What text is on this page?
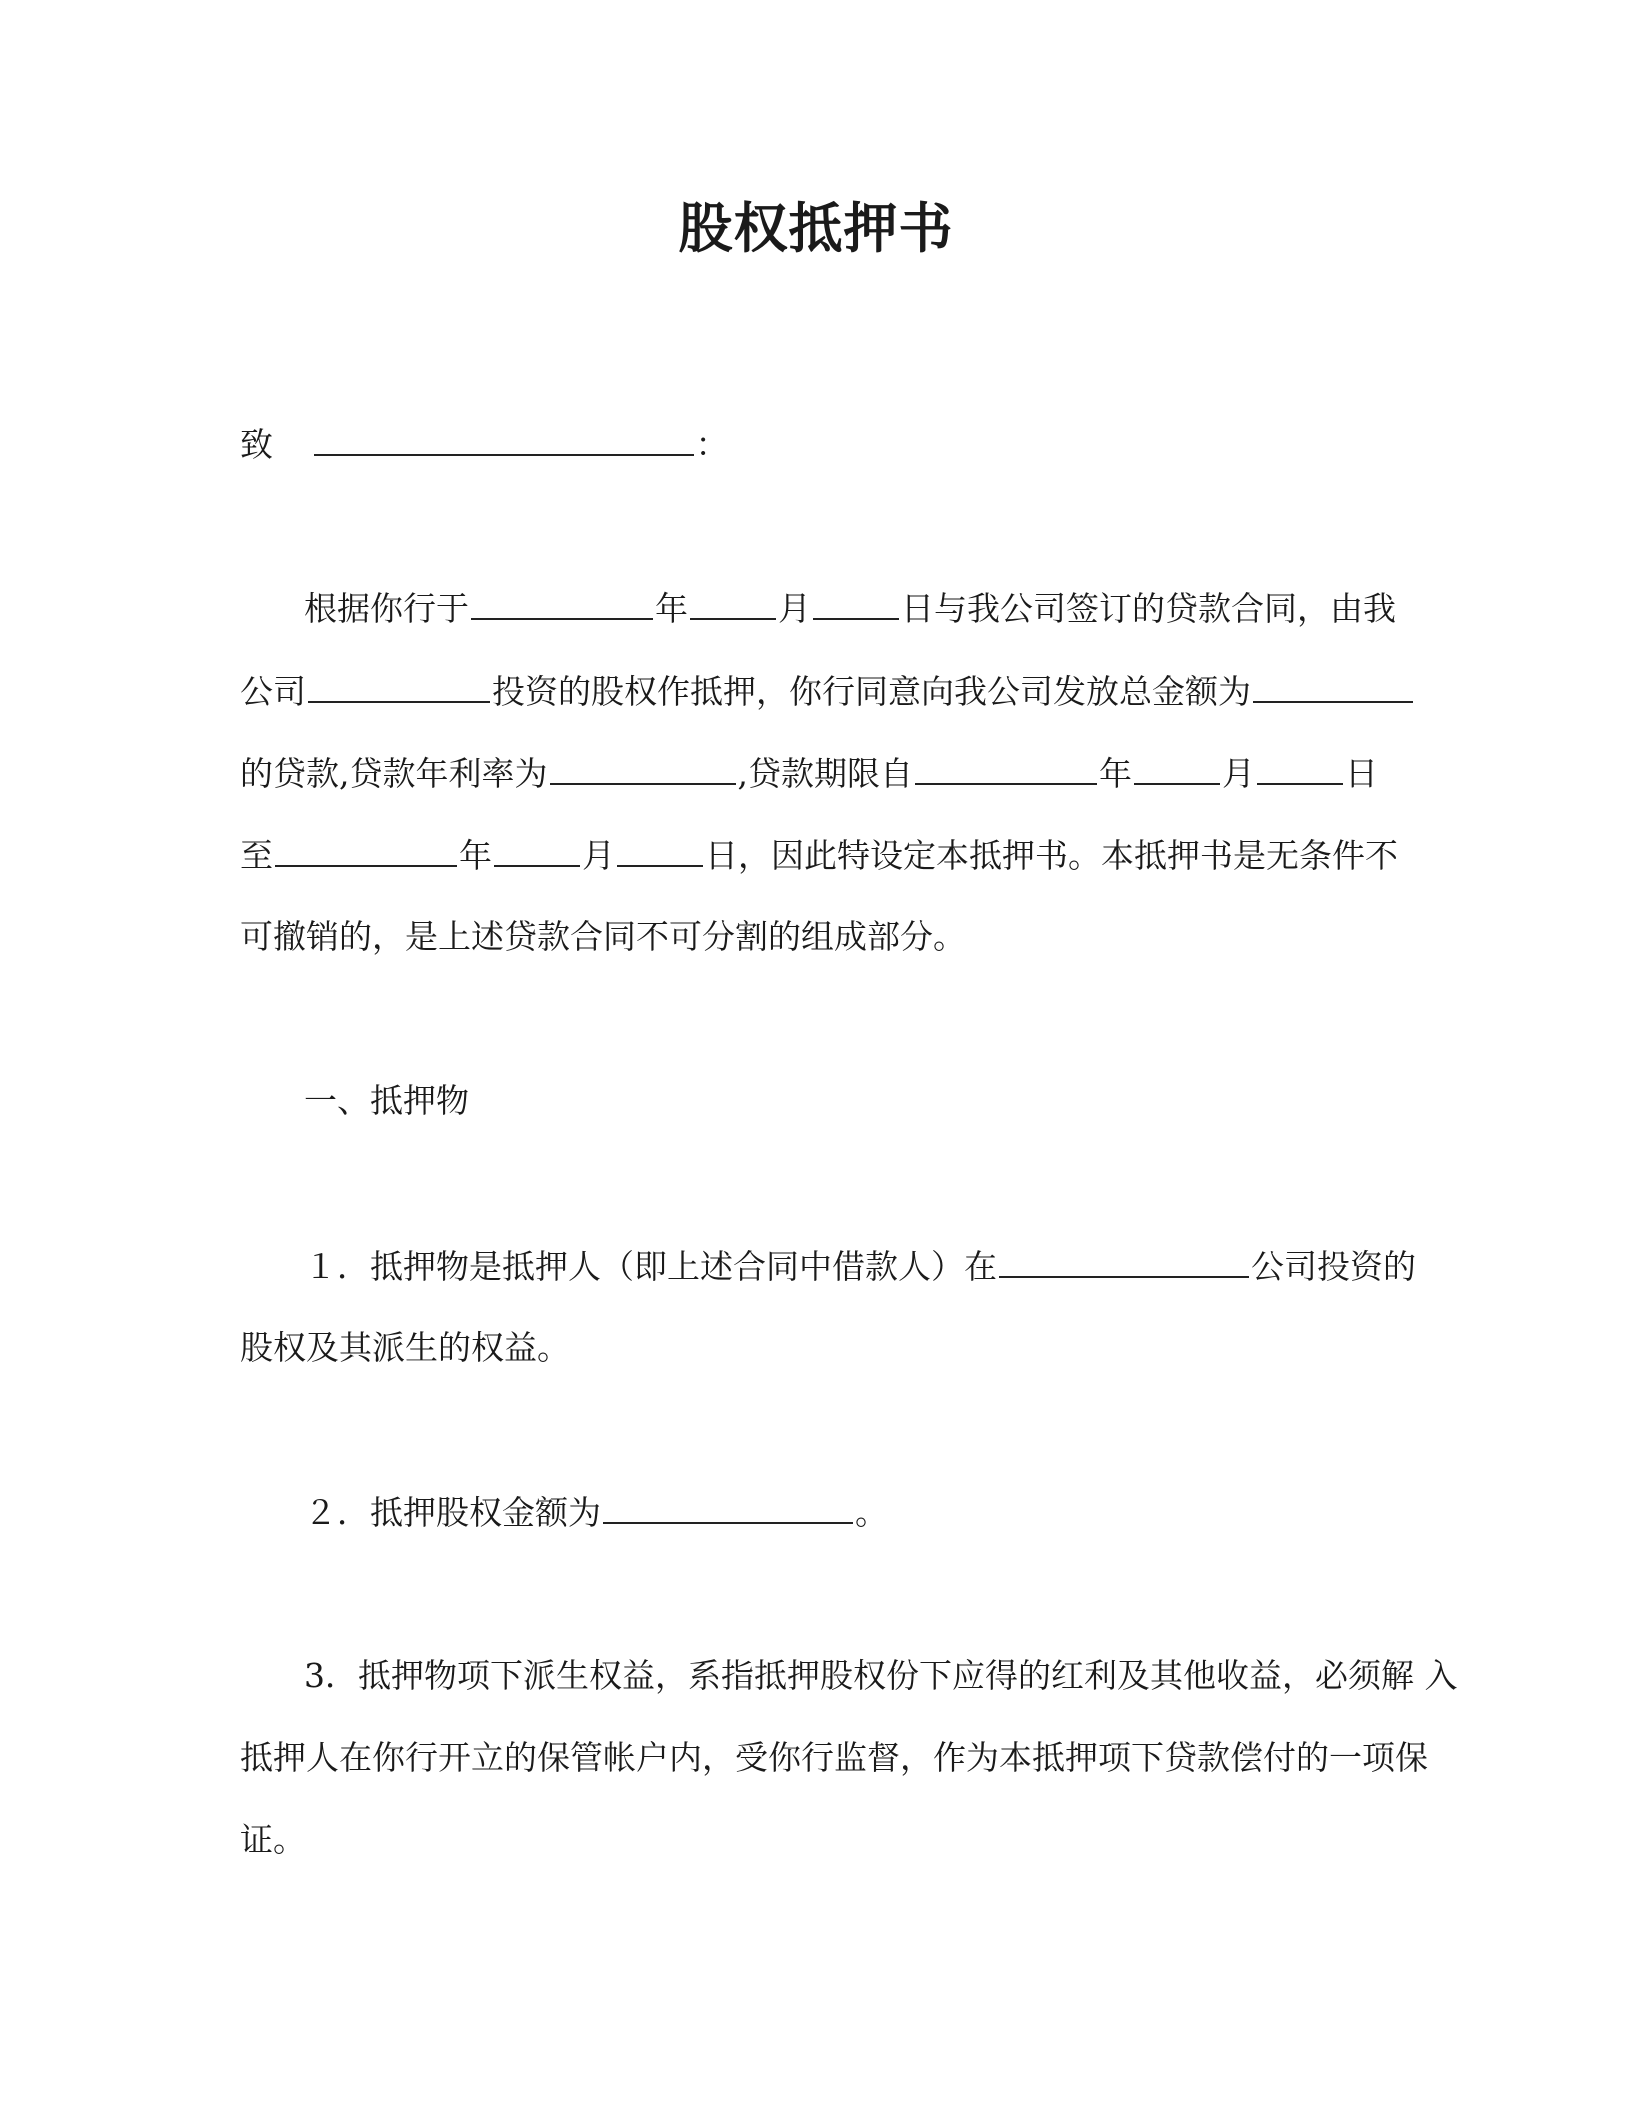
股权抵押书
致	：
根据你行于	年	月	日与我公司签订的贷款合同，由我
公司	投资的股权作抵押，你行同意向我公司发放总金额为
的贷款,贷款年利率为	,贷款期限自	年	月	日
至	年	月	日，因此特设定本抵押书。本抵押书是无条件不
可撤销的，是上述贷款合同不可分割的组成部分。
一、抵押物
１．抵押物是抵押人（即上述合同中借款人）在	公司投资的
股权及其派生的权益。
２．抵押股权金额为	。
3．抵押物项下派生权益，系指抵押股权份下应得的红利及其他收益，必须解 入
抵押人在你行开立的保管帐户内，受你行监督，作为本抵押项下贷款偿付的一项保
证。
